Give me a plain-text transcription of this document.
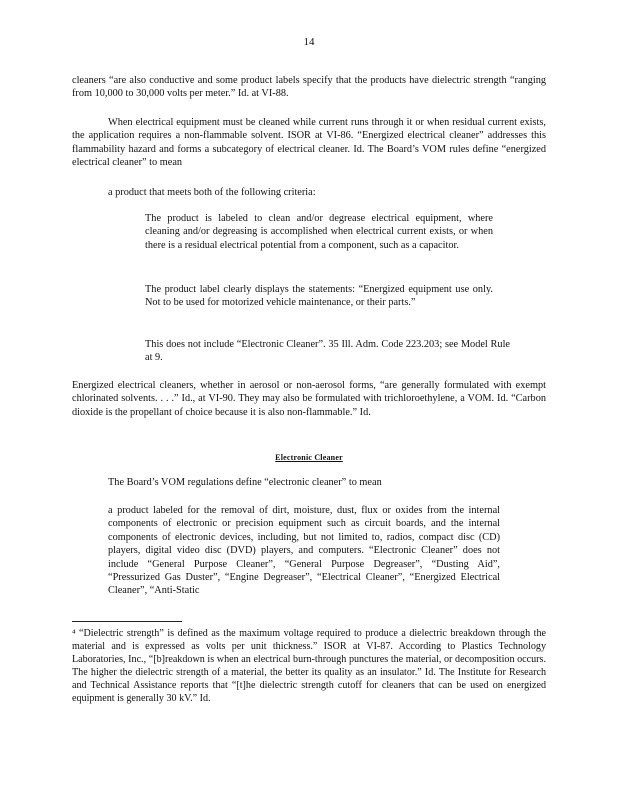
14

cleaners “are also conductive and some product labels specify that the products have dielectric strength “ranging from 10,000 to 30,000 volts per meter.” Id. at VI-88.

When electrical equipment must be cleaned while current runs through it or when residual current exists, the application requires a non-flammable solvent. ISOR at VI-86. “Energized electrical cleaner” addresses this flammability hazard and forms a subcategory of electrical cleaner. Id. The Board’s VOM rules define “energized electrical cleaner” to mean

a product that meets both of the following criteria:

The product is labeled to clean and/or degrease electrical equipment, where cleaning and/or degreasing is accomplished when electrical current exists, or when there is a residual electrical potential from a component, such as a capacitor.

The product label clearly displays the statements: “Energized equipment use only. Not to be used for motorized vehicle maintenance, or their parts.”

This does not include “Electronic Cleaner”. 35 Ill. Adm. Code 223.203; see Model Rule at 9.

Energized electrical cleaners, whether in aerosol or non-aerosol forms, “are generally formulated with exempt chlorinated solvents. . . .” Id., at VI-90. They may also be formulated with trichloroethylene, a VOM. Id. “Carbon dioxide is the propellant of choice because it is also non-flammable.” Id.

Electronic Cleaner

The Board’s VOM regulations define “electronic cleaner” to mean

a product labeled for the removal of dirt, moisture, dust, flux or oxides from the internal components of electronic or precision equipment such as circuit boards, and the internal components of electronic devices, including, but not limited to, radios, compact disc (CD) players, digital video disc (DVD) players, and computers. “Electronic Cleaner” does not include “General Purpose Cleaner”, “General Purpose Degreaser”, “Dusting Aid”, “Pressurized Gas Duster”, “Engine Degreaser”, “Electrical Cleaner”, “Energized Electrical Cleaner”, “Anti-Static

⁴ “Dielectric strength” is defined as the maximum voltage required to produce a dielectric breakdown through the material and is expressed as volts per unit thickness.” ISOR at VI-87. According to Plastics Technology Laboratories, Inc., “[b]reakdown is when an electrical burn-through punctures the material, or decomposition occurs. The higher the dielectric strength of a material, the better its quality as an insulator.” Id. The Institute for Research and Technical Assistance reports that “[t]he dielectric strength cutoff for cleaners that can be used on energized equipment is generally 30 kV.” Id.
